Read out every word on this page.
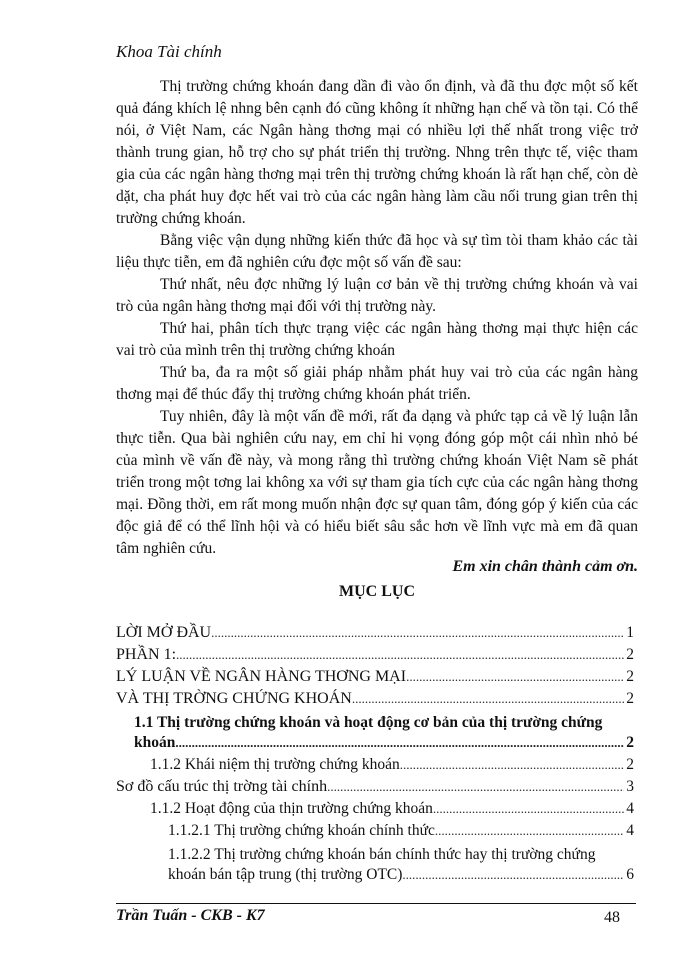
Khoa Tài chính

Thị trường chứng khoán đang dần đi vào ổn định, và đã thu đợc một số kết quả đáng khích lệ nhng bên cạnh đó cũng không ít những hạn chế và tồn tại. Có thể nói, ở Việt Nam, các Ngân hàng thơng mại có nhiều lợi thế nhất trong việc trở thành trung gian, hỗ trợ cho sự phát triển thị trường. Nhng trên thực tế, việc tham gia của các ngân hàng thơng mại trên thị trường chứng khoán là rất hạn chế, còn dè dặt, cha phát huy đợc hết vai trò của các ngân hàng làm cầu nối trung gian trên thị trường chứng khoán.

Bằng việc vận dụng những kiến thức đã học và sự tìm tòi tham khảo các tài liệu thực tiễn, em đã nghiên cứu đợc một số vấn đề sau:

Thứ nhất, nêu đợc những lý luận cơ bản về thị trường chứng khoán và vai trò của ngân hàng thơng mại đối với thị trường này.

Thứ hai, phân tích thực trạng việc các ngân hàng thơng mại thực hiện các vai trò của mình trên thị trường chứng khoán

Thứ ba, đa ra một số giải pháp nhằm phát huy vai trò của các ngân hàng thơng mại để thúc đẩy thị trường chứng khoán phát triển.

Tuy nhiên, đây là một vấn đề mới, rất đa dạng và phức tạp cả về lý luận lẫn thực tiễn. Qua bài nghiên cứu nay, em chỉ hi vọng đóng góp một cái nhìn nhỏ bé của mình về vấn đề này, và mong rằng thì trường chứng khoán Việt Nam sẽ phát triển trong một tơng lai không xa với sự tham gia tích cực của các ngân hàng thơng mại. Đồng thời, em rất mong muốn nhận đợc sự quan tâm, đóng góp ý kiến của các độc giả để có thể lĩnh hội và có hiểu biết sâu sắc hơn về lĩnh vực mà em đã quan tâm nghiên cứu.

Em xin chân thành cảm ơn.
MỤC LỤC
LỜI MỞ ĐẦU .....	1
PHẦN 1: .....	2
LÝ LUẬN VỀ NGÂN HÀNG THƠNG MẠI .....	2
VÀ THỊ TRỜNG CHỨNG KHOÁN .....	2
1.1 Thị trường chứng khoán và hoạt động cơ bản của thị trường chứng
khoán .....	2
1.1.2 Khái niệm thị trường chứng khoán .....	2
Sơ đồ cấu trúc thị trờng tài chính .....	3
1.1.2 Hoạt động của thịn trường chứng khoán .....	4
1.1.2.1 Thị trường chứng khoán chính thức .....	4
1.1.2.2 Thị trường chứng khoán bán chính thức hay thị trường chứng
khoán bán tập trung (thị trường OTC) .....	6
Trần Tuấn - CKB - K7	48
